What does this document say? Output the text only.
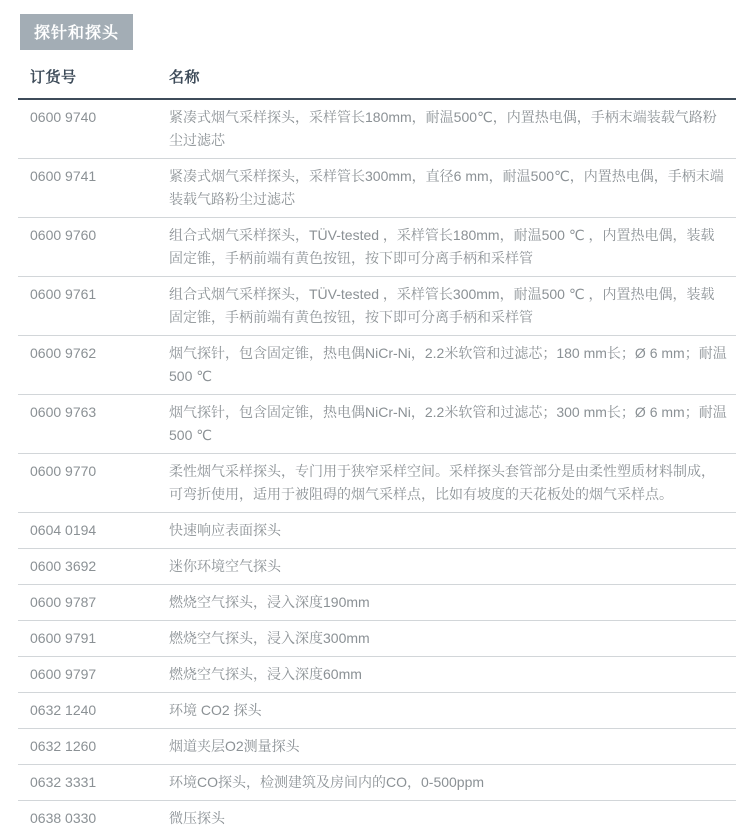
探针和探头
订货号	名称
0600 9740	紧凑式烟气采样探头，采样管长180mm，耐温500℃，内置热电偶，手柄末端装载气路粉尘过滤芯
0600 9741	紧凑式烟气采样探头，采样管长300mm，直径6 mm，耐温500℃，内置热电偶，手柄末端装载气路粉尘过滤芯
0600 9760	组合式烟气采样探头，TÜV-tested ，采样管长180mm，耐温500 ℃ ，内置热电偶，装载固定锥，手柄前端有黄色按钮，按下即可分离手柄和采样管
0600 9761	组合式烟气采样探头，TÜV-tested ，采样管长300mm，耐温500 ℃ ，内置热电偶，装载固定锥，手柄前端有黄色按钮，按下即可分离手柄和采样管
0600 9762	烟气探针，包含固定锥，热电偶NiCr-Ni，2.2米软管和过滤芯；180 mm长；Ø 6 mm；耐温500 ℃
0600 9763	烟气探针，包含固定锥，热电偶NiCr-Ni，2.2米软管和过滤芯；300 mm长；Ø 6 mm；耐温500 ℃
0600 9770	柔性烟气采样探头，专门用于狭窄采样空间。采样探头套管部分是由柔性塑质材料制成，可弯折使用，适用于被阻碍的烟气采样点，比如有坡度的天花板处的烟气采样点。
0604 0194	快速响应表面探头
0600 3692	迷你环境空气探头
0600 9787	燃烧空气探头，浸入深度190mm
0600 9791	燃烧空气探头，浸入深度300mm
0600 9797	燃烧空气探头，浸入深度60mm
0632 1240	环境 CO2 探头
0632 1260	烟道夹层O2测量探头
0632 3331	环境CO探头，检测建筑及房间内的CO，0-500ppm
0638 0330	微压探头
